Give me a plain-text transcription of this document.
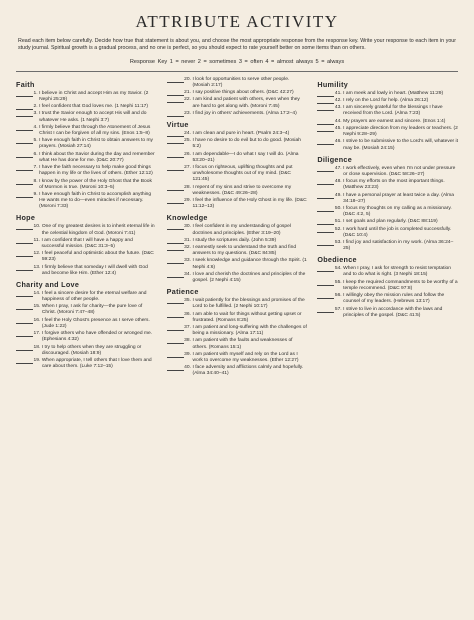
ATTRIBUTE ACTIVITY
Read each item below carefully. Decide how true that statement is about you, and choose the most appropriate response from the response key. Write your response to each item in your study journal. Spiritual growth is a gradual process, and no one is perfect, so you should expect to rate yourself better on some items than on others.
Response Key 1 = never 2 = sometimes 3 = often 4 = almost always 5 = always
Faith
1. I believe in Christ and accept Him as my Savior. (2 Nephi 25:29)
2. I feel confident that God loves me. (1 Nephi 11:17)
3. I trust the Savior enough to accept His will and do whatever He asks. (1 Nephi 3:7)
4. I firmly believe that through the Atonement of Jesus Christ I can be forgiven of all my sins. (Enos 1:5–8)
5. I have enough faith in Christ to obtain answers to my prayers. (Mosiah 27:14)
6. I think about the Savior during the day and remember what He has done for me. (D&C 20:77)
7. I have the faith necessary to help make good things happen in my life or the lives of others. (Ether 12:12)
8. I know by the power of the Holy Ghost that the Book of Mormon is true. (Moroni 10:3–5)
9. I have enough faith in Christ to accomplish anything He wants me to do—even miracles if necessary. (Moroni 7:33)
Hope
10. One of my greatest desires is to inherit eternal life in the celestial kingdom of God. (Moroni 7:41)
11. I am confident that I will have a happy and successful mission. (D&C 31:3–5)
12. I feel peaceful and optimistic about the future. (D&C 59:23)
13. I firmly believe that someday I will dwell with God and become like Him. (Ether 12:4)
Charity and Love
14. I feel a sincere desire for the eternal welfare and happiness of other people.
15. When I pray, I ask for charity—the pure love of Christ. (Moroni 7:47–48)
16. I feel the Holy Ghost's presence as I serve others. (Jude 1:22)
17. I forgive others who have offended or wronged me. (Ephesians 4:32)
18. I try to help others when they are struggling or discouraged. (Mosiah 18:9)
19. When appropriate, I tell others that I love them and care about them. (Luke 7:12–15)
20. I look for opportunities to serve other people. (Mosiah 2:17)
21. I say positive things about others. (D&C 42:27)
22. I am kind and patient with others, even when they are hard to get along with. (Moroni 7:45)
23. I find joy in others' achievements. (Alma 17:2–4)
Virtue
24. I am clean and pure in heart. (Psalm 24:3–4)
25. I have no desire to do evil but to do good. (Mosiah 5:2)
26. I am dependable—I do what I say I will do. (Alma 53:20–21)
27. I focus on righteous, uplifting thoughts and put unwholesome thoughts out of my mind. (D&C 121:45)
28. I repent of my sins and strive to overcome my weaknesses. (D&C 49:26–28)
29. I feel the influence of the Holy Ghost in my life. (D&C 11:12–13)
Knowledge
30. I feel confident in my understanding of gospel doctrines and principles. (Ether 3:19–20)
31. I study the scriptures daily. (John 5:39)
32. I earnestly seek to understand the truth and find answers to my questions. (D&C 84:85)
33. I seek knowledge and guidance through the Spirit. (1 Nephi 4:6)
34. I love and cherish the doctrines and principles of the gospel. (2 Nephi 4:15)
Patience
35. I wait patiently for the blessings and promises of the Lord to be fulfilled. (2 Nephi 10:17)
36. I am able to wait for things without getting upset or frustrated. (Romans 8:25)
37. I am patient and long-suffering with the challenges of being a missionary. (Alma 17:11)
38. I am patient with the faults and weaknesses of others. (Romans 15:1)
39. I am patient with myself and rely on the Lord as I work to overcome my weaknesses. (Ether 12:27)
40. I face adversity and afflictions calmly and hopefully. (Alma 34:40–41)
Humility
41. I am meek and lowly in heart. (Matthew 11:29)
42. I rely on the Lord for help. (Alma 26:12)
43. I am sincerely grateful for the blessings I have received from the Lord. (Alma 7:23)
44. My prayers are earnest and sincere. (Enos 1:4)
45. I appreciate direction from my leaders or teachers. (2 Nephi 9:28–29)
46. I strive to be submissive to the Lord's will, whatever it may be. (Mosiah 24:15)
Diligence
47. I work effectively, even when I'm not under pressure or close supervision. (D&C 58:26–27)
48. I focus my efforts on the most important things. (Matthew 23:23)
49. I have a personal prayer at least twice a day. (Alma 34:18–27)
50. I focus my thoughts on my calling as a missionary. (D&C 4:2, 5)
51. I set goals and plan regularly. (D&C 88:119)
52. I work hard until the job is completed successfully. (D&C 10:4)
53. I find joy and satisfaction in my work. (Alma 36:24–25)
Obedience
54. When I pray, I ask for strength to resist temptation and to do what is right. (3 Nephi 18:15)
55. I keep the required commandments to be worthy of a temple recommend. (D&C 97:8)
56. I willingly obey the mission rules and follow the counsel of my leaders. (Hebrews 13:17)
57. I strive to live in accordance with the laws and principles of the gospel. (D&C 41:5)
